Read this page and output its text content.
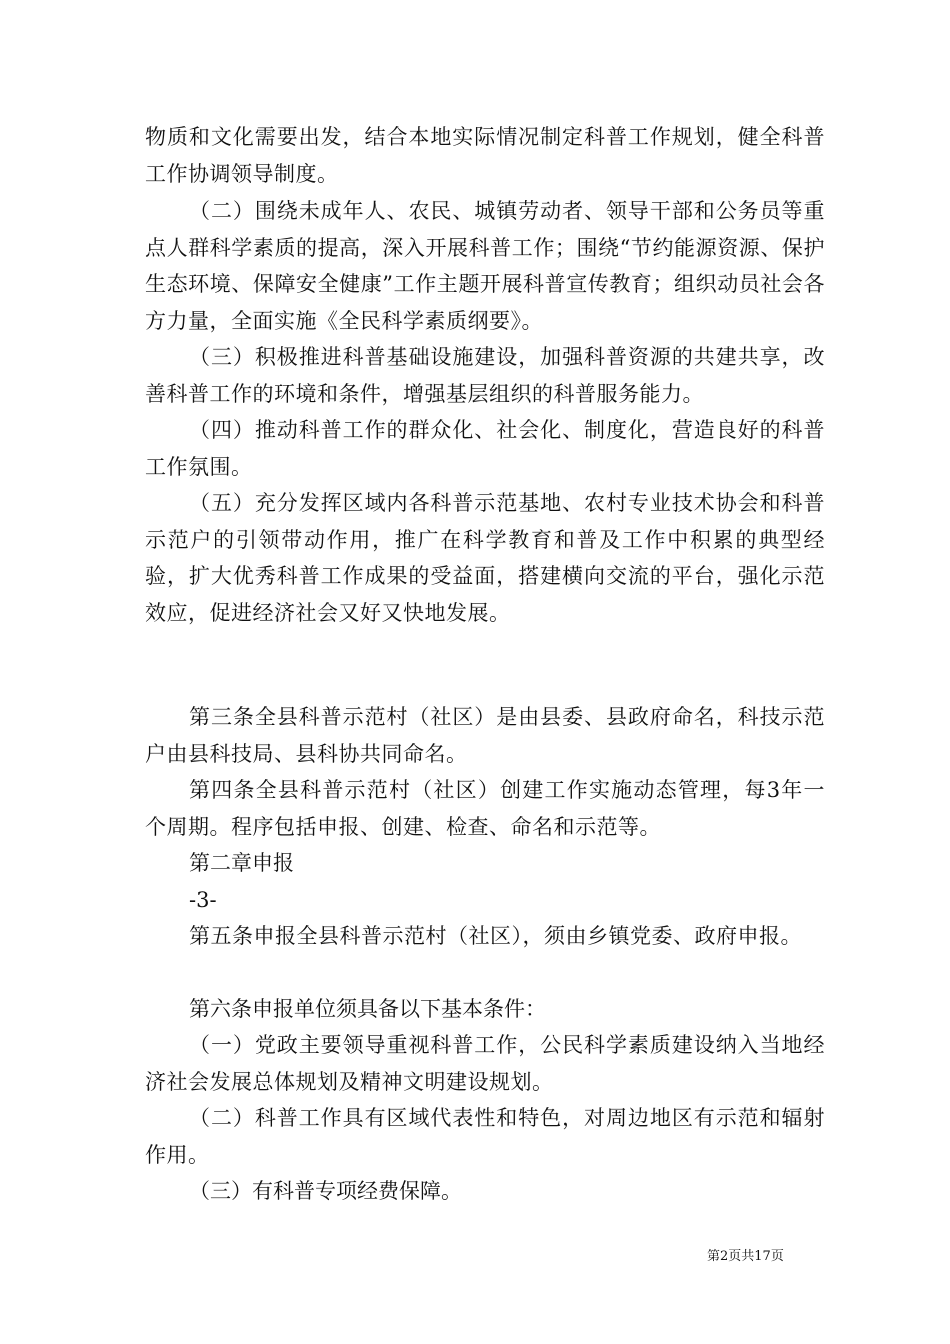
物质和文化需要出发，结合本地实际情况制定科普工作规划，健全科普工作协调领导制度。

（二）围绕未成年人、农民、城镇劳动者、领导干部和公务员等重点人群科学素质的提高，深入开展科普工作；围绕“节约能源资源、保护生态环境、保障安全健康”工作主题开展科普宣传教育；组织动员社会各方力量，全面实施《全民科学素质纲要》。

（三）积极推进科普基础设施建设，加强科普资源的共建共享，改善科普工作的环境和条件，增强基层组织的科普服务能力。

（四）推动科普工作的群众化、社会化、制度化，营造良好的科普工作氛围。

（五）充分发挥区域内各科普示范基地、农村专业技术协会和科普示范户的引领带动作用，推广在科学教育和普及工作中积累的典型经验，扩大优秀科普工作成果的受益面，搭建横向交流的平台，强化示范效应，促进经济社会又好又快地发展。

第三条全县科普示范村（社区）是由县委、县政府命名，科技示范户由县科技局、县科协共同命名。

第四条全县科普示范村（社区）创建工作实施动态管理，每3年一个周期。程序包括申报、创建、检查、命名和示范等。

第二章申报

-3-

第五条申报全县科普示范村（社区），须由乡镇党委、政府申报。

第六条申报单位须具备以下基本条件：

（一）党政主要领导重视科普工作，公民科学素质建设纳入当地经济社会发展总体规划及精神文明建设规划。

（二）科普工作具有区域代表性和特色，对周边地区有示范和辐射作用。

（三）有科普专项经费保障。

第2页共17页
